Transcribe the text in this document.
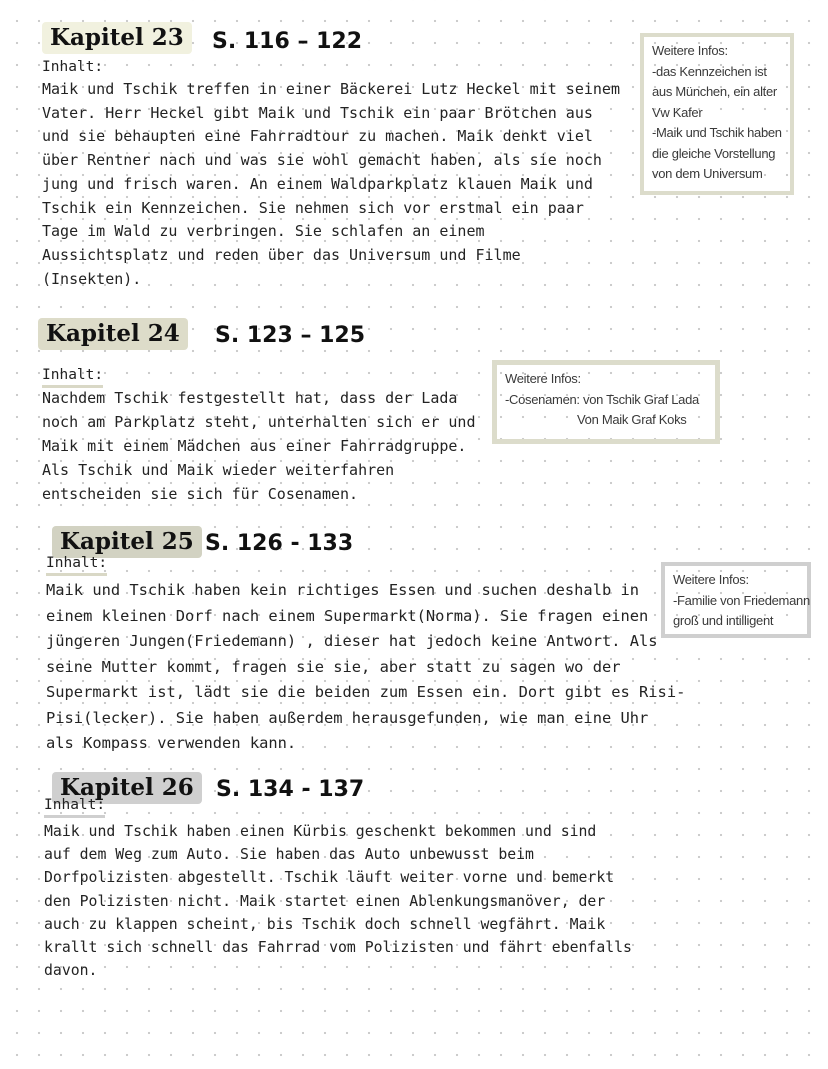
Kapitel 23	S. 116 – 122
Inhalt:

Maik und Tschik treffen in einer Bäckerei Lutz Heckel mit seinem

Vater. Herr Heckel gibt Maik und Tschik ein paar Brötchen aus

und sie behaupten eine Fahrradtour zu machen. Maik denkt viel

über Rentner nach und was sie wohl gemacht haben, als sie noch

jung und frisch waren. An einem Waldparkplatz klauen Maik und

Tschik ein Kennzeichen. Sie nehmen sich vor erstmal ein paar

Tage im Wald zu verbringen. Sie schlafen an einem

Aussichtsplatz und reden über das Universum und Filme

(Insekten).

Weitere Infos:

-das Kennzeichen ist

aus München, ein alter

Vw Kafer

-Maik und Tschik haben

die gleiche Vorstellung

von dem Universum

Kapitel 24	S. 123 – 125
Inhalt:

Nachdem Tschik festgestellt hat, dass der Lada

noch am Parkplatz steht, unterhalten sich er und

Maik mit einem Mädchen aus einer Fahrradgruppe.

Als Tschik und Maik wieder weiterfahren

entscheiden sie sich für Cosenamen.

Weitere Infos:

-Cosenamen: von Tschik Graf Lada

Von Maik Graf Koks

Kapitel 25 S. 126 - 133
Inhalt:

Maik und Tschik haben kein richtiges Essen und suchen deshalb in

einem kleinen Dorf nach einem Supermarkt(Norma). Sie fragen einen

jüngeren Jungen(Friedemann) , dieser hat jedoch keine Antwort. Als

seine Mutter kommt, fragen sie sie, aber statt zu sagen wo der

Supermarkt ist, lädt sie die beiden zum Essen ein. Dort gibt es Risi-

Pisi(lecker). Sie haben außerdem herausgefunden, wie man eine Uhr

als Kompass verwenden kann.

Weitere Infos:

-Familie von Friedemann

groß und intilligent

Kapitel 26	S. 134 - 137
Inhalt:

Maik und Tschik haben einen Kürbis geschenkt bekommen und sind

auf dem Weg zum Auto. Sie haben das Auto unbewusst beim

Dorfpolizisten abgestellt. Tschik läuft weiter vorne und bemerkt

den Polizisten nicht. Maik startet einen Ablenkungsmanöver, der

auch zu klappen scheint, bis Tschik doch schnell wegfährt. Maik

krallt sich schnell das Fahrrad vom Polizisten und fährt ebenfalls

davon.
